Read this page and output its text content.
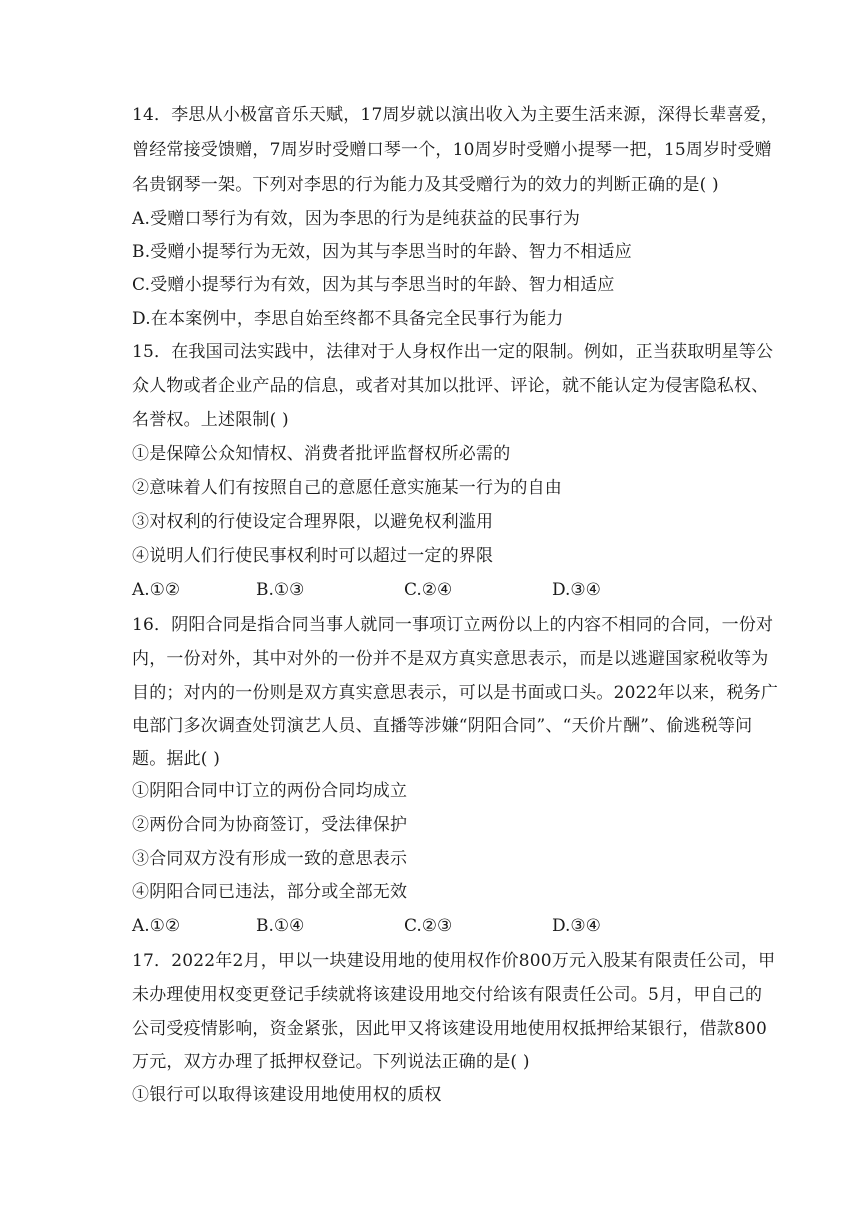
14．李思从小极富音乐天赋，17周岁就以演出收入为主要生活来源，深得长辈喜爱，
曾经常接受馈赠，7周岁时受赠口琴一个，10周岁时受赠小提琴一把，15周岁时受赠
名贵钢琴一架。下列对李思的行为能力及其受赠行为的效力的判断正确的是( )
A.受赠口琴行为有效，因为李思的行为是纯获益的民事行为
B.受赠小提琴行为无效，因为其与李思当时的年龄、智力不相适应
C.受赠小提琴行为有效，因为其与李思当时的年龄、智力相适应
D.在本案例中，李思自始至终都不具备完全民事行为能力
15．在我国司法实践中，法律对于人身权作出一定的限制。例如，正当获取明星等公
众人物或者企业产品的信息，或者对其加以批评、评论，就不能认定为侵害隐私权、
名誉权。上述限制( )
①是保障公众知情权、消费者批评监督权所必需的
②意味着人们有按照自己的意愿任意实施某一行为的自由
③对权利的行使设定合理界限，以避免权利滥用
④说明人们行使民事权利时可以超过一定的界限
A.①②	B.①③	C.②④	D.③④
16．阴阳合同是指合同当事人就同一事项订立两份以上的内容不相同的合同，一份对
内，一份对外，其中对外的一份并不是双方真实意思表示，而是以逃避国家税收等为
目的；对内的一份则是双方真实意思表示，可以是书面或口头。2022年以来，税务广
电部门多次调查处罚演艺人员、直播等涉嫌“阴阳合同”、“天价片酬”、偷逃税等问
题。据此( )
①阴阳合同中订立的两份合同均成立
②两份合同为协商签订，受法律保护
③合同双方没有形成一致的意思表示
④阴阳合同已违法，部分或全部无效
A.①②	B.①④	C.②③	D.③④
17．2022年2月，甲以一块建设用地的使用权作价800万元入股某有限责任公司，甲
未办理使用权变更登记手续就将该建设用地交付给该有限责任公司。5月，甲自己的
公司受疫情影响，资金紧张，因此甲又将该建设用地使用权抵押给某银行，借款800
万元，双方办理了抵押权登记。下列说法正确的是( )
①银行可以取得该建设用地使用权的质权
